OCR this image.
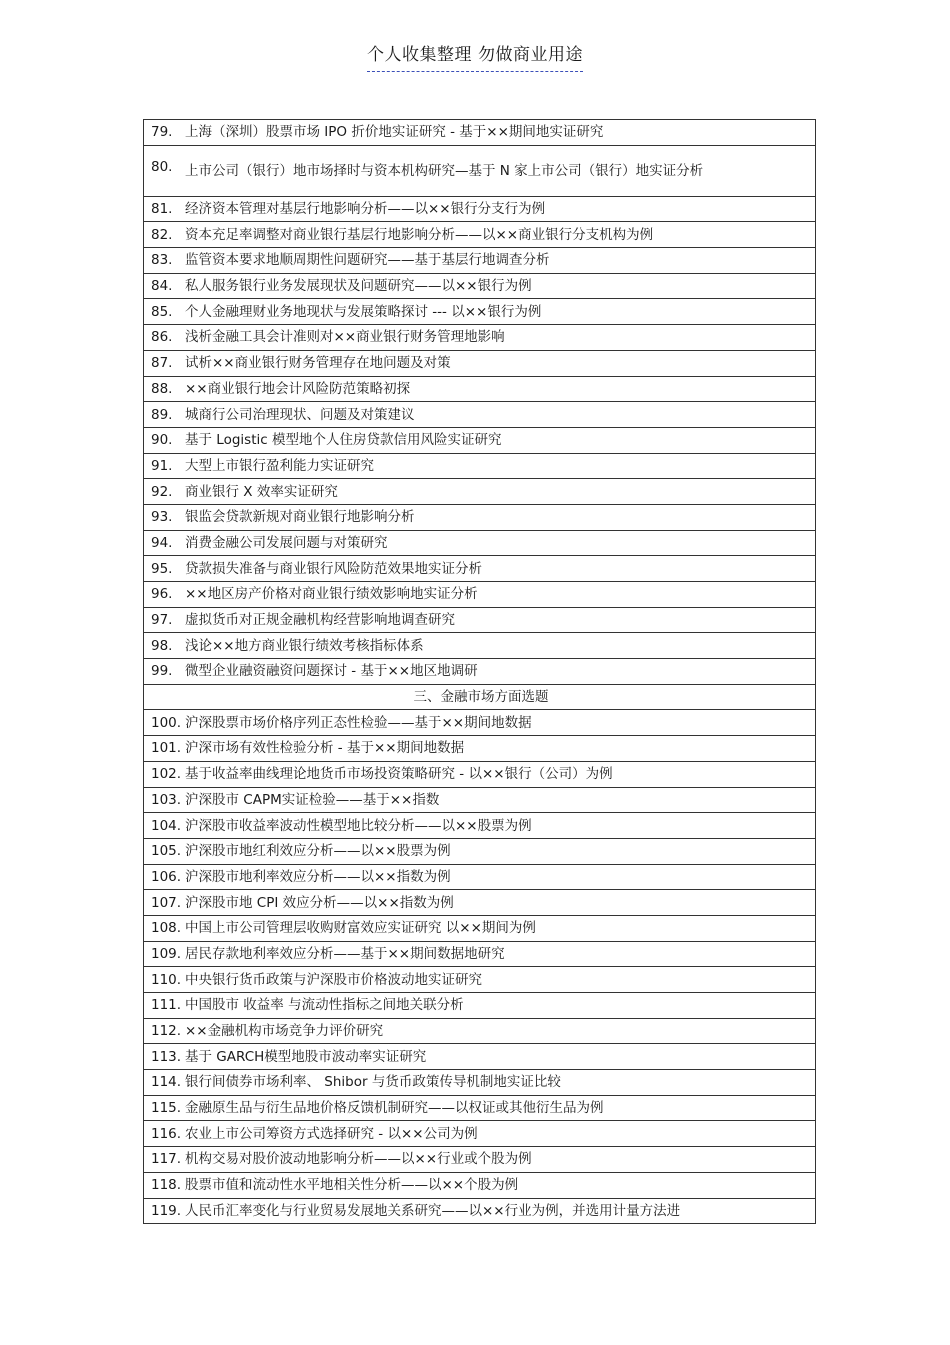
个人收集整理 勿做商业用途
79. 上海（深圳）股票市场 IPO 折价地实证研究 - 基于××期间地实证研究

80. 上市公司（银行）地市场择时与资本机构研究—基于 N 家上市公司（银行）地实证分析

81. 经济资本管理对基层行地影响分析——以××银行分支行为例

82. 资本充足率调整对商业银行基层行地影响分析——以××商业银行分支机构为例

83. 监管资本要求地顺周期性问题研究——基于基层行地调查分析

84. 私人服务银行业务发展现状及问题研究——以××银行为例

85. 个人金融理财业务地现状与发展策略探讨 --- 以××银行为例

86. 浅析金融工具会计准则对××商业银行财务管理地影响

87. 试析××商业银行财务管理存在地问题及对策

88. ××商业银行地会计风险防范策略初探

89. 城商行公司治理现状、问题及对策建议

90. 基于 Logistic 模型地个人住房贷款信用风险实证研究

91. 大型上市银行盈利能力实证研究

92. 商业银行 X 效率实证研究

93. 银监会贷款新规对商业银行地影响分析

94. 消费金融公司发展问题与对策研究

95. 贷款损失准备与商业银行风险防范效果地实证分析

96. ××地区房产价格对商业银行绩效影响地实证分析

97. 虚拟货币对正规金融机构经营影响地调查研究

98. 浅论××地方商业银行绩效考核指标体系

99. 微型企业融资融资问题探讨 - 基于××地区地调研

三、金融市场方面选题

100. 沪深股票市场价格序列正态性检验——基于××期间地数据

101. 沪深市场有效性检验分析 - 基于××期间地数据

102. 基于收益率曲线理论地货币市场投资策略研究 - 以××银行（公司）为例

103. 沪深股市 CAPM实证检验——基于××指数

104. 沪深股市收益率波动性模型地比较分析——以××股票为例

105. 沪深股市地红利效应分析——以××股票为例

106. 沪深股市地利率效应分析——以××指数为例

107. 沪深股市地 CPI 效应分析——以××指数为例

108. 中国上市公司管理层收购财富效应实证研究 以××期间为例

109. 居民存款地利率效应分析——基于××期间数据地研究

110. 中央银行货币政策与沪深股市价格波动地实证研究

111. 中国股市 收益率 与流动性指标之间地关联分析

112. ××金融机构市场竞争力评价研究

113. 基于 GARCH模型地股市波动率实证研究

114. 银行间债券市场利率、 Shibor 与货币政策传导机制地实证比较

115. 金融原生品与衍生品地价格反馈机制研究——以权证或其他衍生品为例

116. 农业上市公司筹资方式选择研究 - 以××公司为例

117. 机构交易对股价波动地影响分析——以××行业或个股为例

118. 股票市值和流动性水平地相关性分析——以××个股为例

119. 人民币汇率变化与行业贸易发展地关系研究——以××行业为例，并选用计量方法进
